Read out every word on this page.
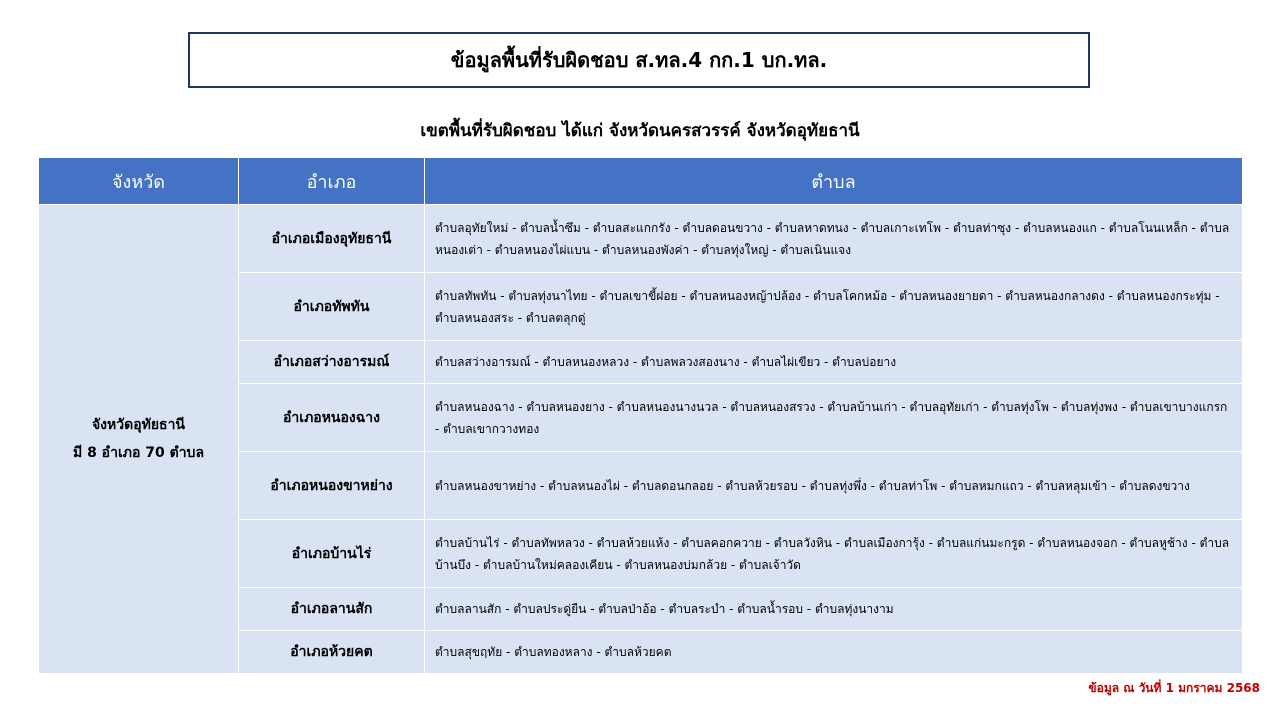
ข้อมูลพื้นที่รับผิดชอบ ส.ทล.4 กก.1 บก.ทล.
เขตพื้นที่รับผิดชอบ ได้แก่ จังหวัดนครสวรรค์ จังหวัดอุทัยธานี
จังหวัด	อำเภอ	ตำบล

จังหวัดอุทัยธานี
มี 8 อำเภอ 70 ตำบล	อำเภอเมืองอุทัยธานี	ตำบลอุทัยใหม่ - ตำบลน้ำซึม - ตำบลสะแกกรัง - ตำบลดอนขวาง - ตำบลหาดทนง - ตำบลเกาะเทโพ - ตำบลท่าซุง - ตำบลหนองแก - ตำบลโนนเหล็ก - ตำบลหนองเต่า - ตำบลหนองไผ่แบน - ตำบลหนองพังค่า - ตำบลทุ่งใหญ่ - ตำบลเนินแจง
	อำเภอทัพทัน	ตำบลทัพทัน - ตำบลทุ่งนาไทย - ตำบลเขาขี้ฝอย - ตำบลหนองหญ้าปล้อง - ตำบลโคกหม้อ - ตำบลหนองยายดา - ตำบลหนองกลางดง - ตำบลหนองกระทุ่ม - ตำบลหนองสระ - ตำบลตลุกดู่
	อำเภอสว่างอารมณ์	ตำบลสว่างอารมณ์ - ตำบลหนองหลวง - ตำบลพลวงสองนาง - ตำบลไผ่เขียว - ตำบลบ่อยาง
	อำเภอหนองฉาง	ตำบลหนองฉาง - ตำบลหนองยาง - ตำบลหนองนางนวล - ตำบลหนองสรวง - ตำบลบ้านเก่า - ตำบลอุทัยเก่า - ตำบลทุ่งโพ - ตำบลทุ่งพง - ตำบลเขาบางแกรก - ตำบลเขากวางทอง
	อำเภอหนองขาหย่าง	ตำบลหนองขาหย่าง - ตำบลหนองไผ่ - ตำบลดอนกลอย - ตำบลห้วยรอบ - ตำบลทุ่งพึ่ง - ตำบลท่าโพ - ตำบลหมกแถว - ตำบลหลุมเข้า - ตำบลดงขวาง
	อำเภอบ้านไร่	ตำบลบ้านไร่ - ตำบลทัพหลวง - ตำบลห้วยแห้ง - ตำบลคอกควาย - ตำบลวังหิน - ตำบลเมืองการุ้ง - ตำบลแก่นมะกรูด - ตำบลหนองจอก - ตำบลหูช้าง - ตำบลบ้านบึง - ตำบลบ้านใหม่คลองเคียน - ตำบลหนองบ่มกล้วย - ตำบลเจ้าวัด
	อำเภอลานสัก	ตำบลลานสัก - ตำบลประดู่ยืน - ตำบลป่าอ้อ - ตำบลระบำ - ตำบลน้ำรอบ - ตำบลทุ่งนางาม
	อำเภอห้วยคต	ตำบลสุขฤทัย - ตำบลทองหลาง - ตำบลห้วยคต
ข้อมูล ณ วันที่ 1 มกราคม 2568
